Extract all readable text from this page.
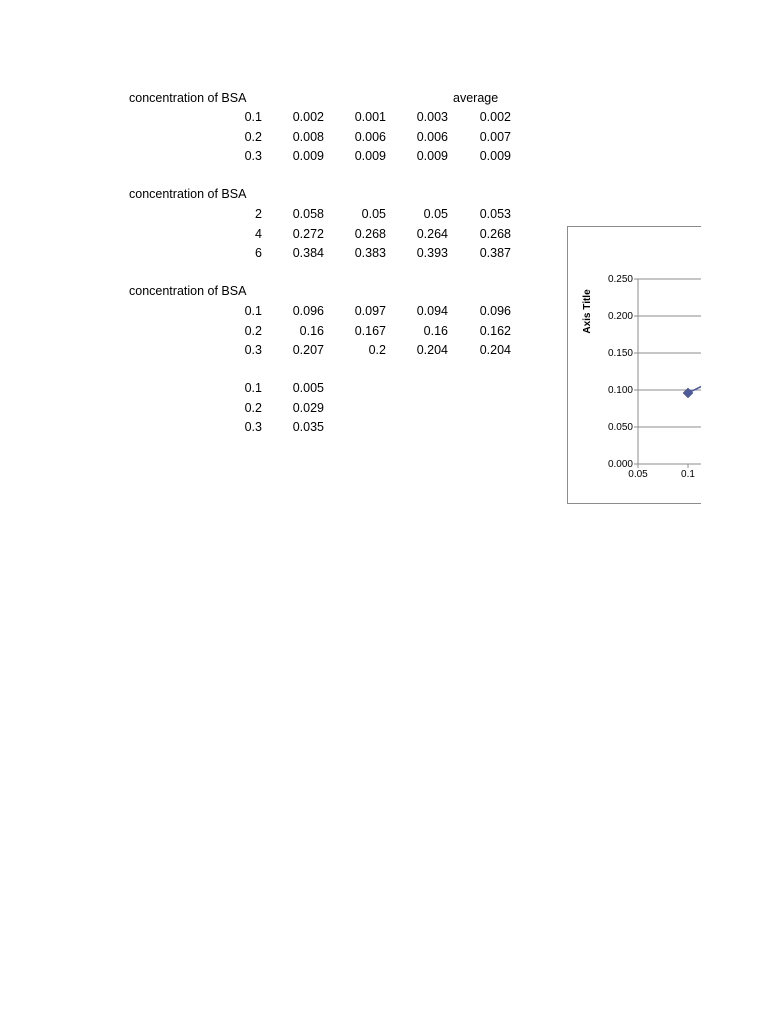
concentration of BSA	average
0.1	0.002	0.001	0.003	0.002
0.2	0.008	0.006	0.006	0.007
0.3	0.009	0.009	0.009	0.009
concentration of BSA
2	0.058	0.05	0.05	0.053
4	0.272	0.268	0.264	0.268
6	0.384	0.383	0.393	0.387
concentration of BSA
0.1	0.096	0.097	0.094	0.096
0.2	0.16	0.167	0.16	0.162
0.3	0.207	0.2	0.204	0.204
0.1	0.005
0.2	0.029
0.3	0.035
0.000
0.050
0.100
0.150
0.200
0.250
0.05	0.1
Axis Title
